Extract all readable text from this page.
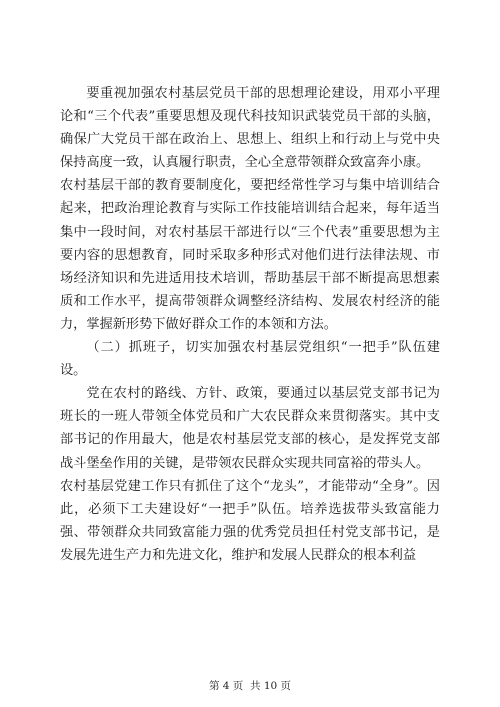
要重视加强农村基层党员干部的思想理论建设，用邓小平理论和“三个代表”重要思想及现代科技知识武装党员干部的头脑，确保广大党员干部在政治上、思想上、组织上和行动上与党中央保持高度一致，认真履行职责，全心全意带领群众致富奔小康。

农村基层干部的教育要制度化，要把经常性学习与集中培训结合起来，把政治理论教育与实际工作技能培训结合起来，每年适当集中一段时间，对农村基层干部进行以“三个代表”重要思想为主要内容的思想教育，同时采取多种形式对他们进行法律法规、市场经济知识和先进适用技术培训，帮助基层干部不断提高思想素质和工作水平，提高带领群众调整经济结构、发展农村经济的能力，掌握新形势下做好群众工作的本领和方法。

（二）抓班子，切实加强农村基层党组织“一把手”队伍建设。

党在农村的路线、方针、政策，要通过以基层党支部书记为班长的一班人带领全体党员和广大农民群众来贯彻落实。其中支部书记的作用最大，他是农村基层党支部的核心，是发挥党支部战斗堡垒作用的关键，是带领农民群众实现共同富裕的带头人。

农村基层党建工作只有抓住了这个“龙头”，才能带动“全身”。因此，必须下工夫建设好“一把手”队伍。培养选拔带头致富能力强、带领群众共同致富能力强的优秀党员担任村党支部书记，是发展先进生产力和先进文化，维护和发展人民群众的根本利益

第 4 页  共 10 页
